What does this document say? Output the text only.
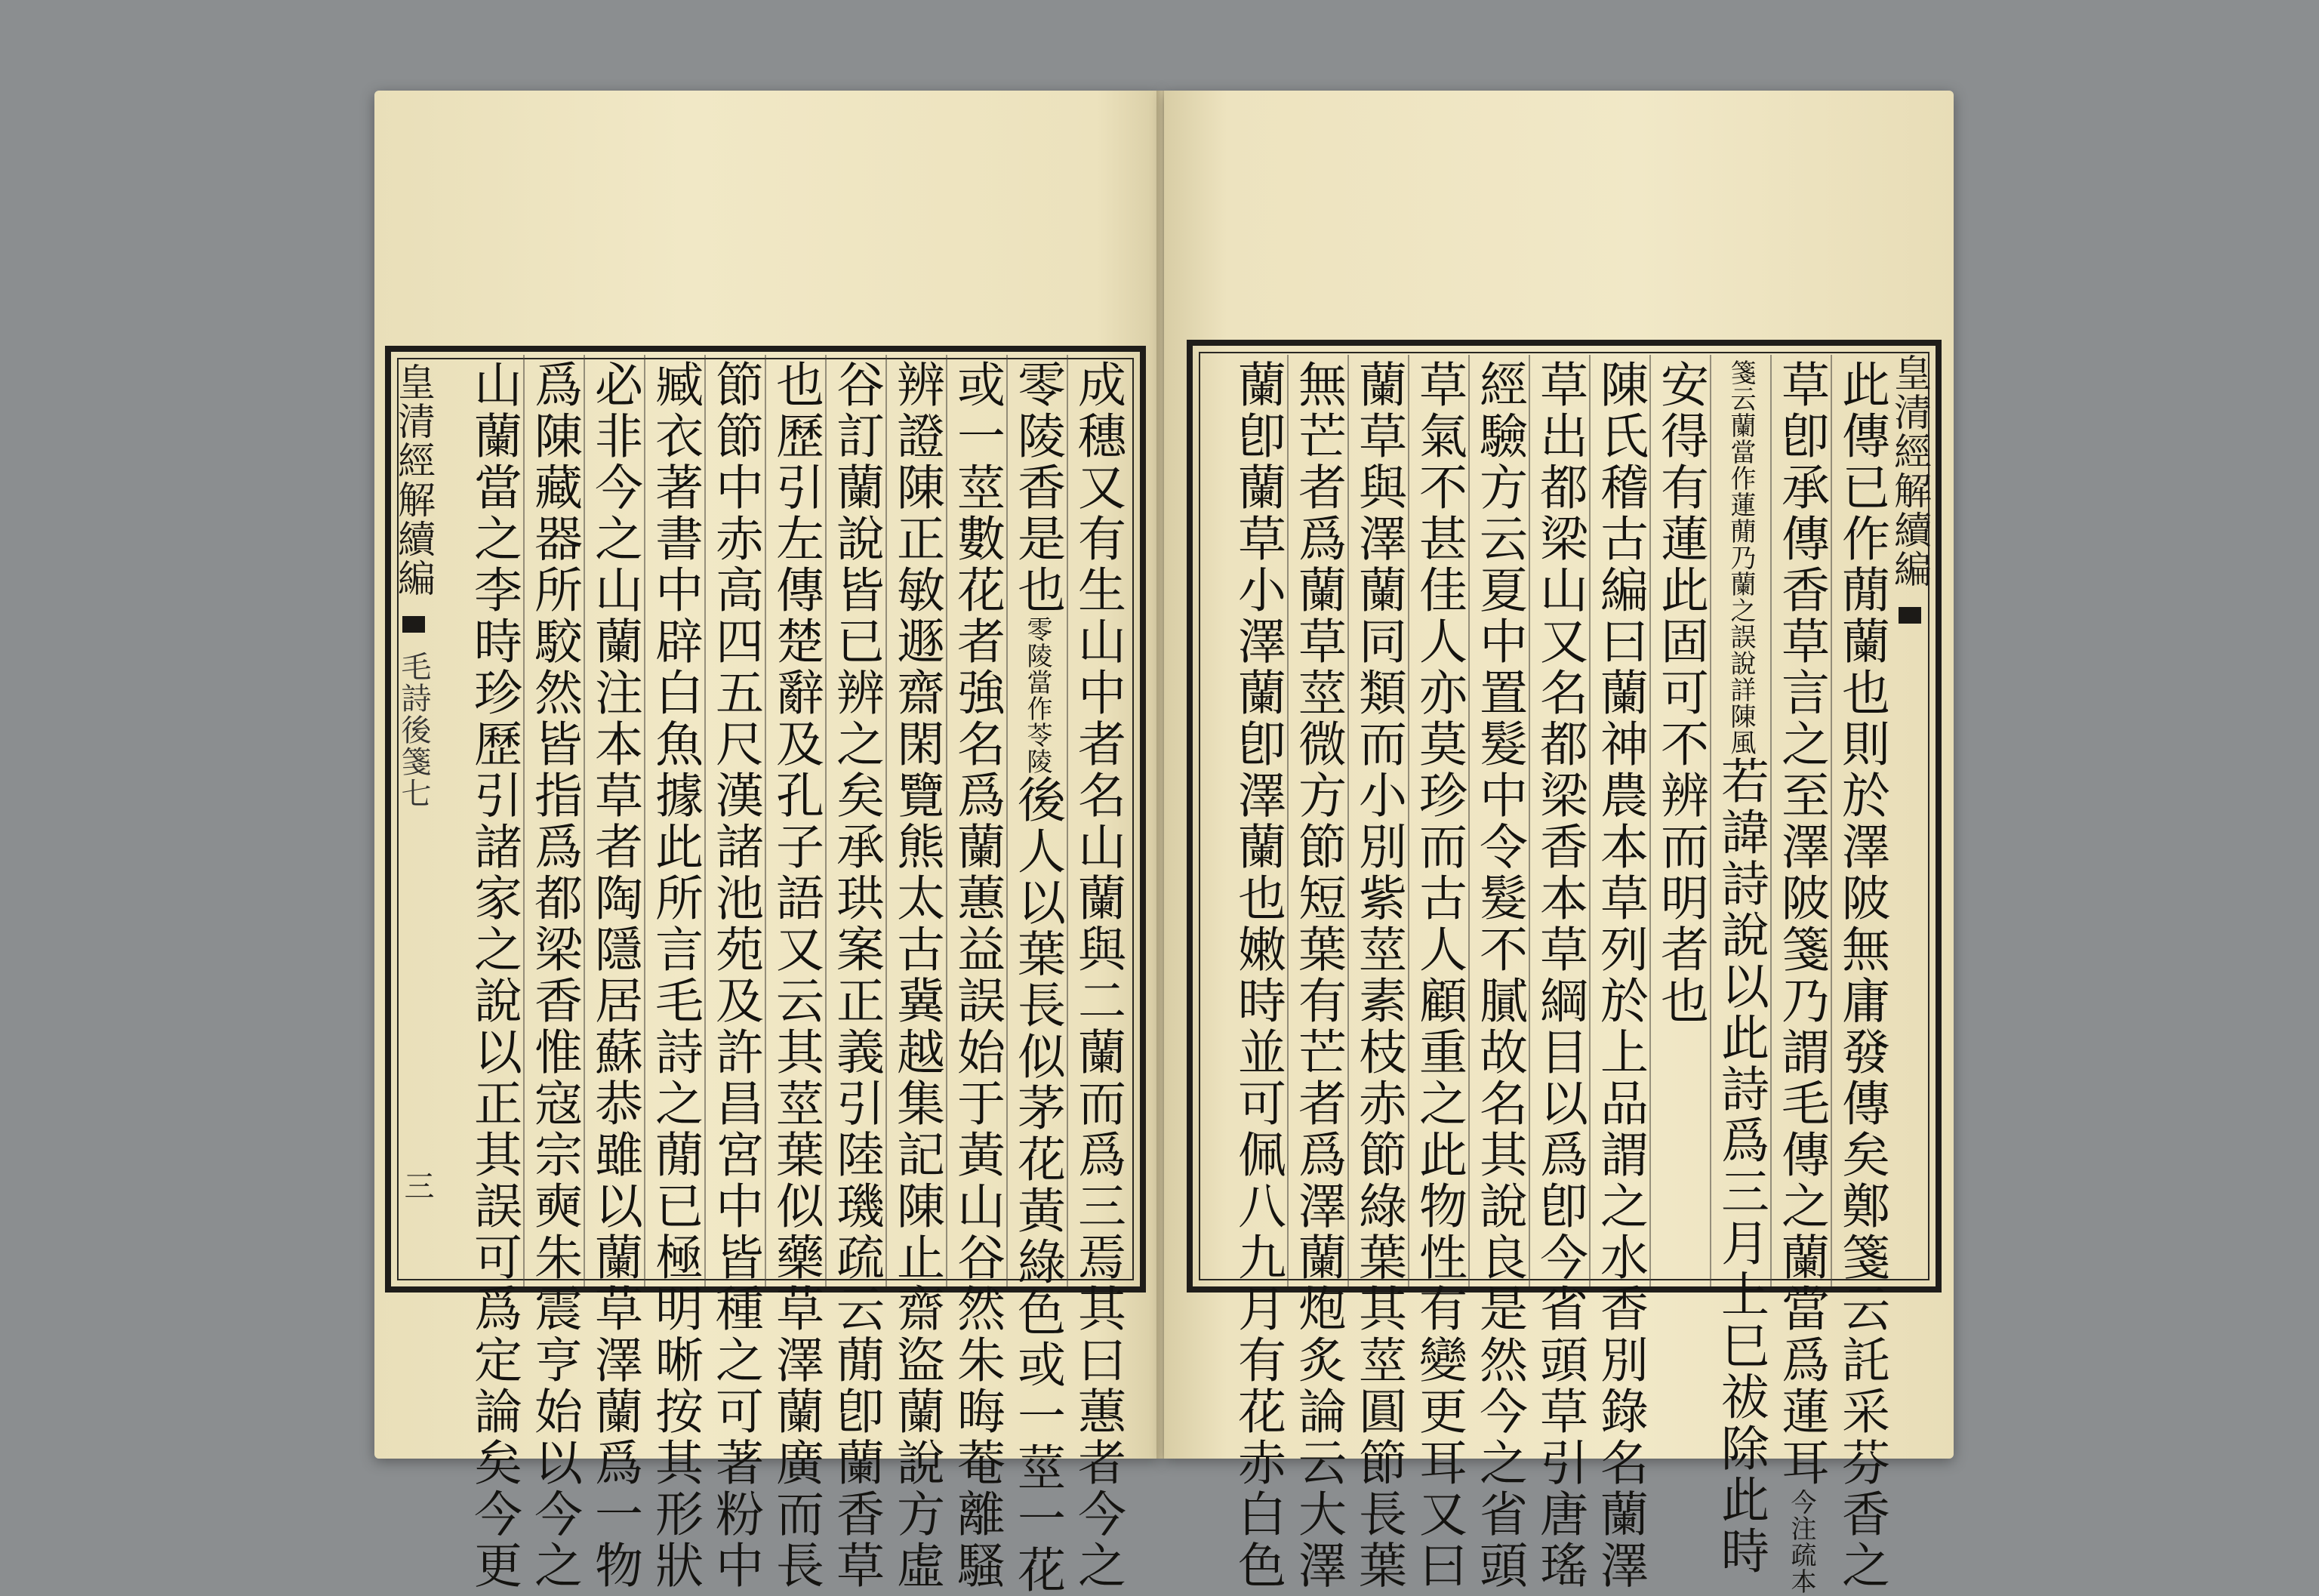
皇清經解續編  毛詩後箋七
三	成穗又有生山中者名山蘭與二蘭而爲三焉其曰蕙者今之
零陵香是也零陵當作苓陵後人以葉長似茅花黃綠色或一莖一花
或一莖數花者強名爲蘭蕙益誤始于黃山谷然朱晦菴離騷
辨證陳正敏遯齋閑覽熊太古冀越集記陳止齋盜蘭說方虛
谷訂蘭說皆已辨之矣承珙案正義引陸璣疏云蕑卽蘭香草
也歷引左傳楚辭及孔子語又云其莖葉似藥草澤蘭廣而長
節節中赤高四五尺漢諸池苑及許昌宮中皆種之可著粉中
臧衣著書中辟白魚據此所言毛詩之蕑已極明晰按其形狀
必非今之山蘭注本草者陶隱居蘇恭雖以蘭草澤蘭爲一物
爲陳藏器所駮然皆指爲都梁香惟寇宗奭朱震亨始以今之
山蘭當之李時珍歷引諸家之說以正其誤可爲定論矣今更
　	皇清經解續編
此傳已作蕑蘭也則於澤陂無庸發傳矣鄭箋云託采芬香之
草卽承傳香草言之至澤陂箋乃謂毛傳之蘭當爲蓮耳今注疏本
箋云蘭當作蓮蕑乃蘭之誤說詳陳風若諱詩說以此詩爲三月上巳祓除此時
安得有蓮此固可不辨而明者也
陳氏稽古編曰蘭神農本草列於上品謂之水香別錄名蘭澤
草出都梁山又名都梁香本草綱目以爲卽今省頭草引唐瑤
經驗方云夏中置髮中令髮不膩故名其說良是然今之省頭
草氣不甚佳人亦莫珍而古人顧重之此物性有變更耳又曰
蘭草與澤蘭同類而小別紫莖素枝赤節綠葉其莖圓節長葉
無芒者爲蘭草莖微方節短葉有芒者爲澤蘭炮炙論云大澤
蘭卽蘭草小澤蘭卽澤蘭也嫩時並可佩八九月有花赤白色
